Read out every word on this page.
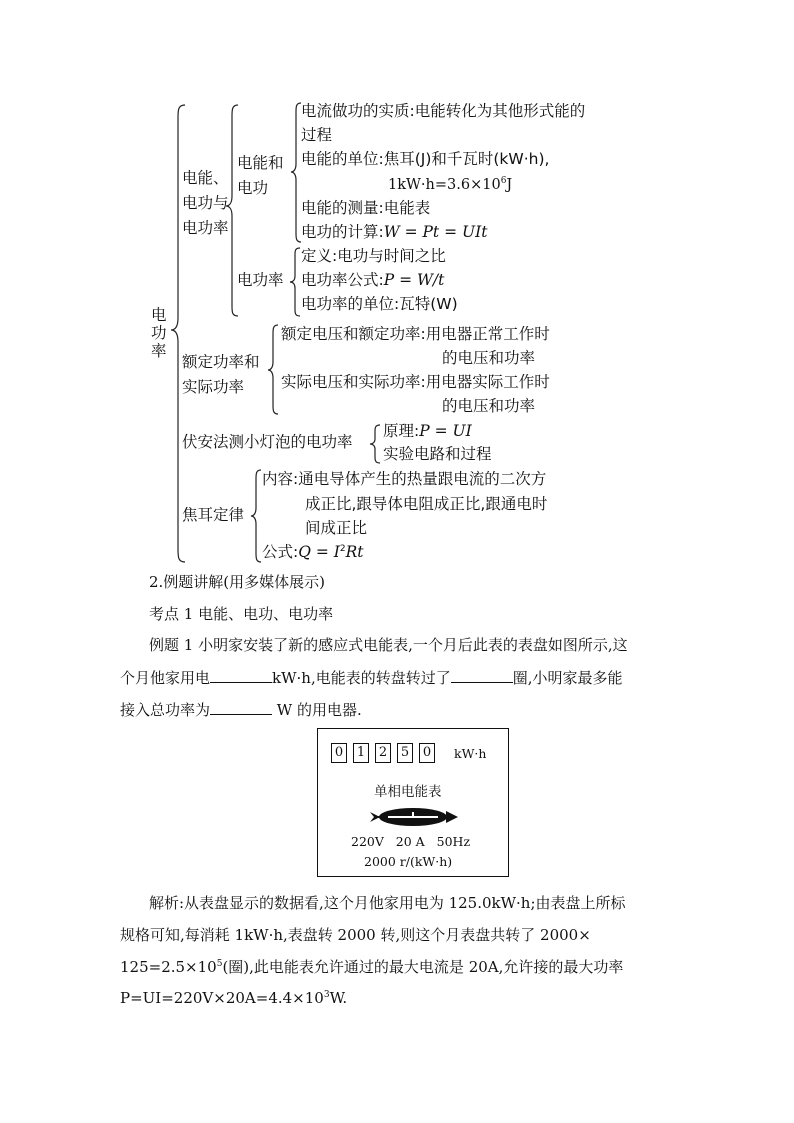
电功率
电能、电功与电功率
电能和电功
电流做功的实质:电能转化为其他形式能的
过程
电能的单位:焦耳(J)和千瓦时(kW·h),
$1kW\cdot h=3.6\times 10^6J$
电能的测量:电能表
电功的计算:W = Pt = UIt
电功率
定义:电功与时间之比
电功率公式:P = W/t
电功率的单位:瓦特(W)
额定功率和实际功率
额定电压和额定功率:用电器正常工作时
的电压和功率
实际电压和实际功率:用电器实际工作时
的电压和功率
伏安法测小灯泡的电功率
原理:P = UI
实验电路和过程
焦耳定律
内容:通电导体产生的热量跟电流的二次方
成正比,跟导体电阻成正比,跟通电时
间成正比
公式:Q = $I^2Rt$
2.例题讲解(用多媒体展示)
考点 1 电能、电功、电功率
例题 1 小明家安装了新的感应式电能表,一个月后此表的表盘如图所示,这
个月他家用电	kW·h,电能表的转盘转过了	圈,小明家最多能
接入总功率为	W 的用电器.
0 1 2 5 0	kW·h
单相电能表
220V   20 A   50Hz
2000 r/(kW·h)
解析:从表盘显示的数据看,这个月他家用电为 125.0kW·h;由表盘上所标
规格可知,每消耗 1kW·h,表盘转 2000 转,则这个月表盘共转了 2000×
$125=2.5\times 10^5$(圈),此电能表允许通过的最大电流是 20A,允许接的最大功率
$P=UI=220V\times 20A=4.4\times 10^3W$.
